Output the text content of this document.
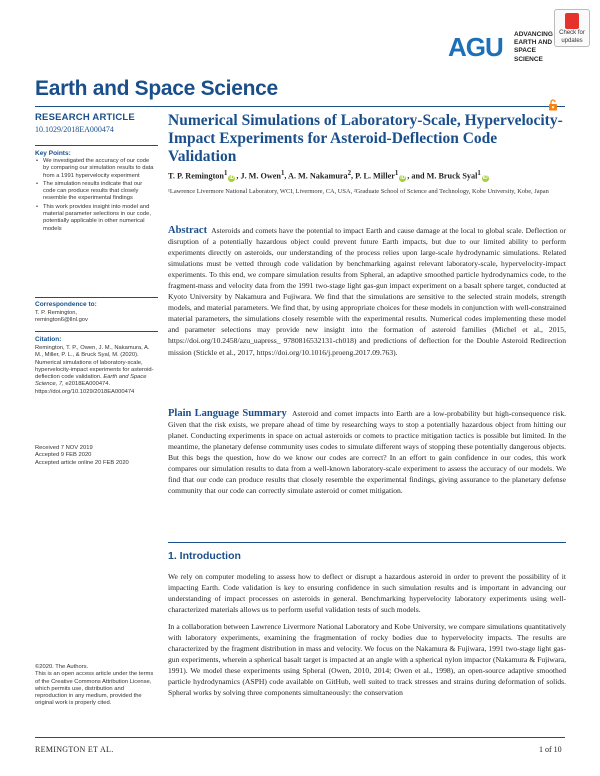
Check for
updates
AGU ADVANCING
EARTH AND
SPACE SCIENCE
Earth and Space Science
RESEARCH ARTICLE
10.1029/2018EA000474
Key Points:
• We investigated the accuracy of our code by comparing our simulation results to data from a 1991 hypervelocity experiment
• The simulation results indicate that our code can produce results that closely resemble the experimental findings
• This work provides insight into model and material parameter selections in our code, potentially applicable in other numerical models
Correspondence to:
T. P. Remington,
remington6@llnl.gov
Citation:
Remington, T. P., Owen, J. M., Nakamura, A. M., Miller, P. L., & Bruck Syal, M. (2020). Numerical simulations of laboratory-scale, hypervelocity-impact experiments for asteroid-deflection code validation. Earth and Space Science, 7, e2018EA000474. https://doi.org/10.1029/2018EA000474
Received 7 NOV 2019
Accepted 9 FEB 2020
Accepted article online 20 FEB 2020
©2020. The Authors.
This is an open access article under the terms of the Creative Commons Attribution License, which permits use, distribution and reproduction in any medium, provided the original work is properly cited.
Numerical Simulations of Laboratory-Scale, Hypervelocity-Impact Experiments for Asteroid-Deflection Code Validation
T. P. Remington$^1$iD , J. M. Owen$^1$, A. M. Nakamura$^2$, P. L. Miller$^1$iD , and M. Bruck Syal$^1$iD
¹Lawrence Livermore National Laboratory, WCI, Livermore, CA, USA, ²Graduate School of Science and Technology, Kobe University, Kobe, Japan

Abstract Asteroids and comets have the potential to impact Earth and cause damage at the local to global scale. Deflection or disruption of a potentially hazardous object could prevent future Earth impacts, but due to our limited ability to perform experiments directly on asteroids, our understanding of the process relies upon large-scale hydrodynamic simulations. Related simulations must be vetted through code validation by benchmarking against relevant laboratory-scale, hypervelocity-impact experiments. To this end, we compare simulation results from Spheral, an adaptive smoothed particle hydrodynamics code, to the fragment-mass and velocity data from the 1991 two-stage light gas-gun impact experiment on a basalt sphere target, conducted at Kyoto University by Nakamura and Fujiwara. We find that the simulations are sensitive to the selected strain models, strength models, and material parameters. We find that, by using appropriate choices for these models in conjunction with well-constrained material parameters, the simulations closely resemble with the experimental results. Numerical codes implementing these model and parameter selections may provide new insight into the formation of asteroid families (Michel et al., 2015, https://doi.org/10.2458/azu_uapress_ 9780816532131-ch018) and predictions of deflection for the Double Asteroid Redirection mission (Stickle et al., 2017, https://doi.org/10.1016/j.proeng.2017.09.763).

Plain Language Summary Asteroid and comet impacts into Earth are a low-probability but high-consequence risk. Given that the risk exists, we prepare ahead of time by researching ways to stop a potentially hazardous object from hitting our planet. Conducting experiments in space on actual asteroids or comets to practice mitigation tactics is possible but limited. In the meantime, the planetary defense community uses codes to simulate different ways of stopping these potentially dangerous objects. But this begs the question, how do we know our codes are correct? In an effort to gain confidence in our codes, this work compares our simulation results to data from a well-known laboratory-scale experiment to assess the accuracy of our models. We find that our code can produce results that closely resemble the experimental findings, giving assurance to the planetary defense community that our code can correctly simulate asteroid or comet mitigation.

1. Introduction

We rely on computer modeling to assess how to deflect or disrupt a hazardous asteroid in order to prevent the possibility of it impacting Earth. Code validation is key to ensuring confidence in such simulation results and is important in advancing our understanding of impact processes on asteroids in general. Benchmarking hypervelocity laboratory experiments using well-characterized materials allows us to perform useful validation tests of such models.

In a collaboration between Lawrence Livermore National Laboratory and Kobe University, we compare simulations quantitatively with laboratory experiments, examining the fragmentation of rocky bodies due to hypervelocity impacts. The results are characterized by the fragment distribution in mass and velocity. We focus on the Nakamura & Fujiwara, 1991 two-stage light gas-gun experiments, wherein a spherical basalt target is impacted at an angle with a spherical nylon impactor (Nakamura & Fujiwara, 1991). We model these experiments using Spheral (Owen, 2010, 2014; Owen et al., 1998), an open-source adaptive smoothed particle hydrodynamics (ASPH) code available on GitHub, well suited to track stresses and strains during deformation of solids. Spheral works by solving three components simultaneously: the conservation

REMINGTON ET AL.	1 of 10
